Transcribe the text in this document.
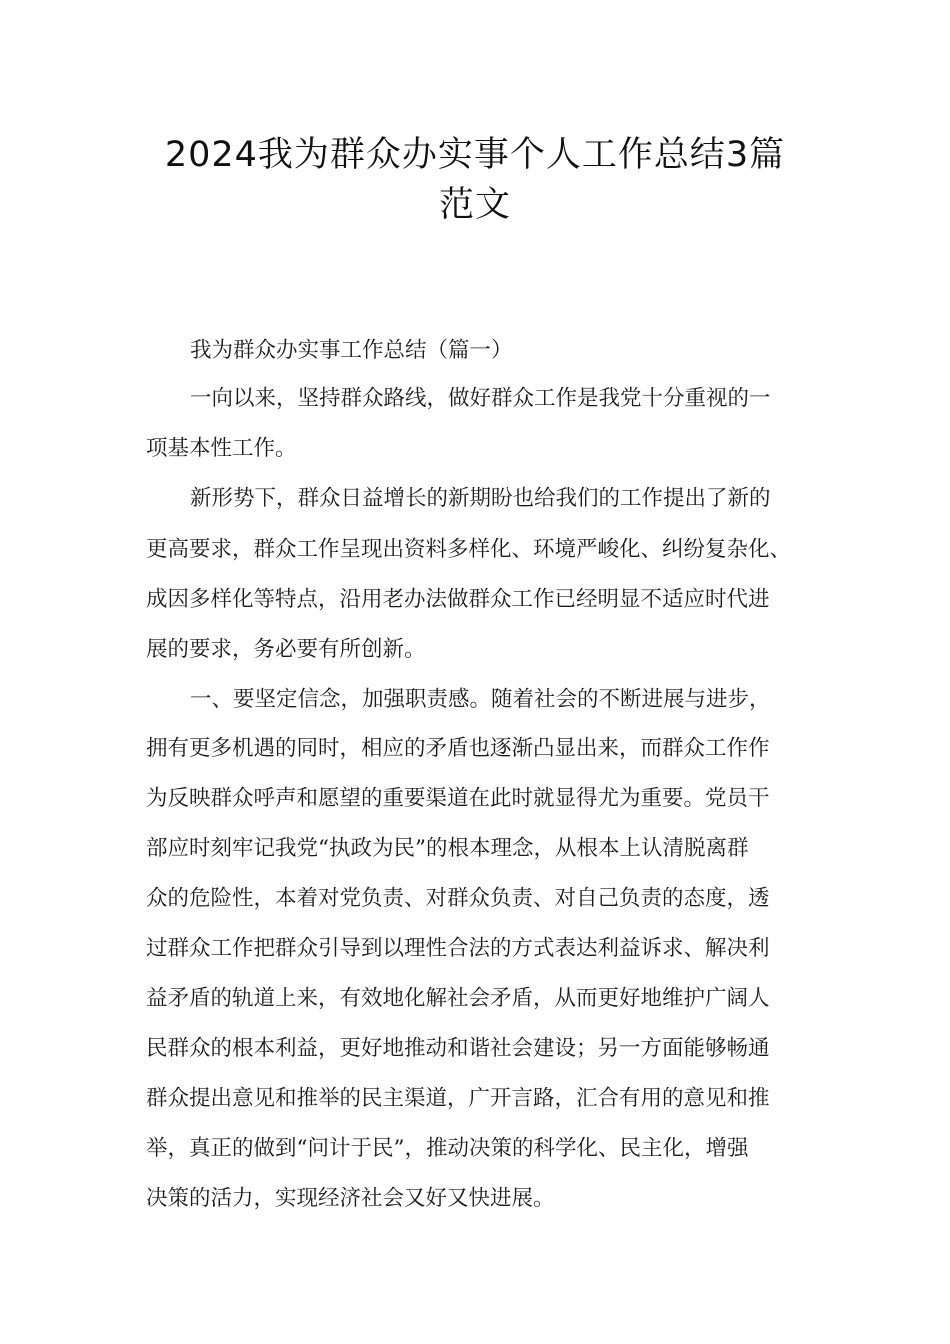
2024我为群众办实事个人工作总结3篇
范文
我为群众办实事工作总结（篇一）
一向以来，坚持群众路线，做好群众工作是我党十分重视的一
项基本性工作。
新形势下，群众日益增长的新期盼也给我们的工作提出了新的
更高要求，群众工作呈现出资料多样化、环境严峻化、纠纷复杂化、
成因多样化等特点，沿用老办法做群众工作已经明显不适应时代进
展的要求，务必要有所创新。
一、要坚定信念，加强职责感。随着社会的不断进展与进步，
拥有更多机遇的同时，相应的矛盾也逐渐凸显出来，而群众工作作
为反映群众呼声和愿望的重要渠道在此时就显得尤为重要。党员干
部应时刻牢记我党“执政为民”的根本理念，从根本上认清脱离群
众的危险性，本着对党负责、对群众负责、对自己负责的态度，透
过群众工作把群众引导到以理性合法的方式表达利益诉求、解决利
益矛盾的轨道上来，有效地化解社会矛盾，从而更好地维护广阔人
民群众的根本利益，更好地推动和谐社会建设；另一方面能够畅通
群众提出意见和推举的民主渠道，广开言路，汇合有用的意见和推
举，真正的做到“问计于民”，推动决策的科学化、民主化，增强
决策的活力，实现经济社会又好又快进展。
